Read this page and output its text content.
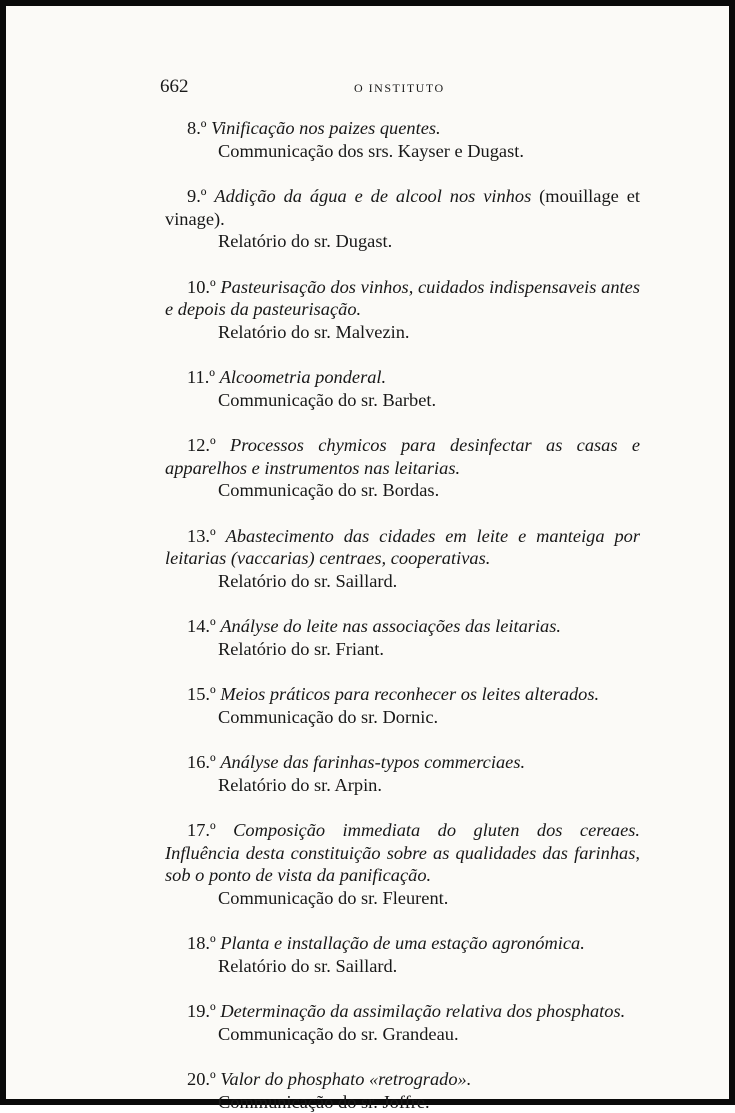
662	O INSTITUTO
8.º Vinificação nos paizes quentes.
Communicação dos srs. Kayser e Dugast.
9.º Addição da água e de alcool nos vinhos (mouillage et vinage).
Relatório do sr. Dugast.
10.º Pasteurisação dos vinhos, cuidados indispensaveis antes e depois da pasteurisação.
Relatório do sr. Malvezin.
11.º Alcoometria ponderal.
Communicação do sr. Barbet.
12.º Processos chymicos para desinfectar as casas e apparelhos e instrumentos nas leitarias.
Communicação do sr. Bordas.
13.º Abastecimento das cidades em leite e manteiga por leitarias (vaccarias) centraes, cooperativas.
Relatório do sr. Saillard.
14.º Anályse do leite nas associações das leitarias.
Relatório do sr. Friant.
15.º Meios práticos para reconhecer os leites alterados.
Communicação do sr. Dornic.
16.º Anályse das farinhas-typos commerciaes.
Relatório do sr. Arpin.
17.º Composição immediata do gluten dos cereaes. Influência desta constituição sobre as qualidades das farinhas, sob o ponto de vista da panificação.
Communicação do sr. Fleurent.
18.º Planta e installação de uma estação agronómica.
Relatório do sr. Saillard.
19.º Determinação da assimilação relativa dos phosphatos.
Communicação do sr. Grandeau.
20.º Valor do phosphato «retrogrado».
Communicação do sr. Joffre.
